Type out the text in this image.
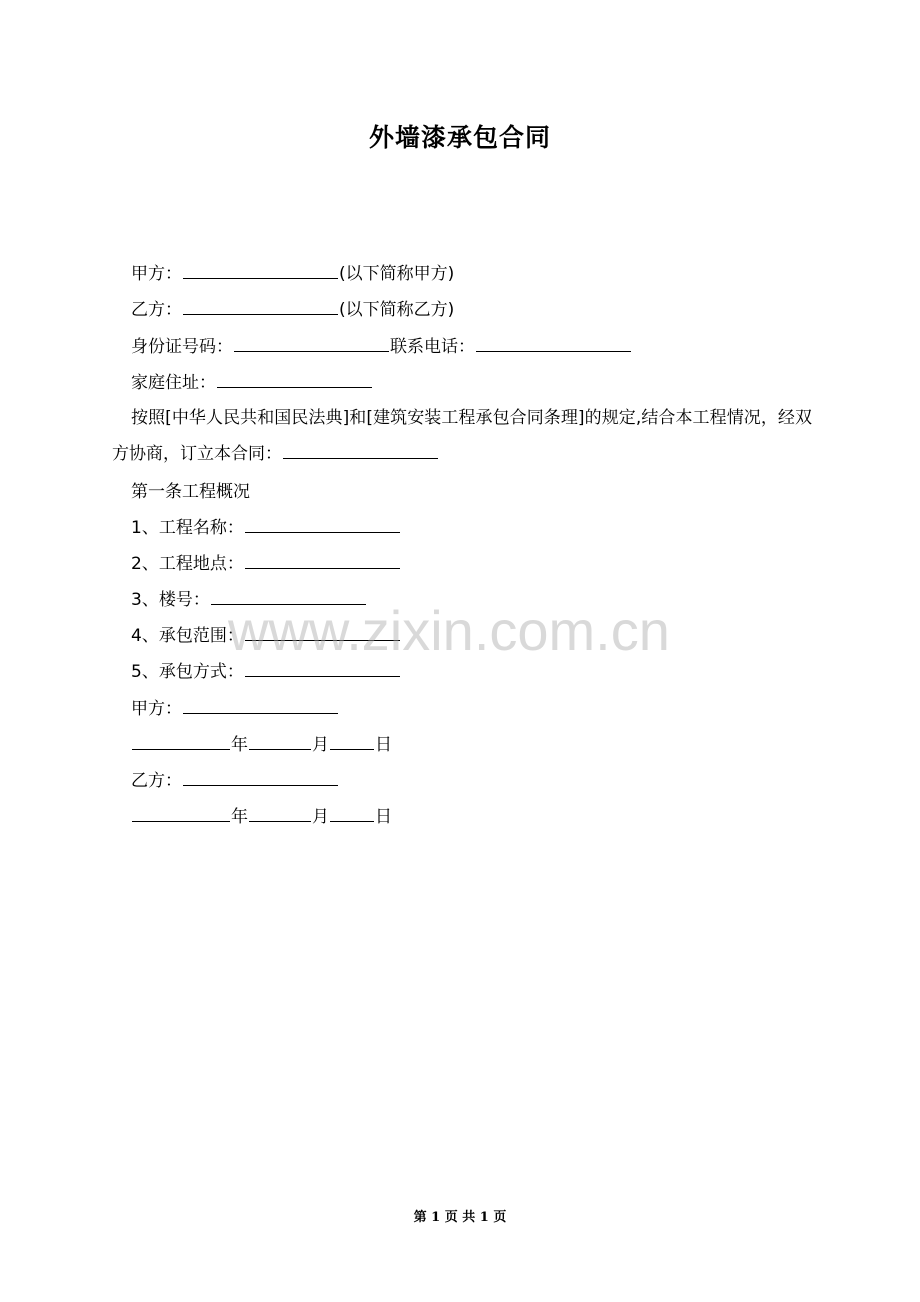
外墙漆承包合同
甲方：	(以下简称甲方)
乙方：	(以下简称乙方)
身份证号码：	联系电话：
家庭住址：
按照[中华人民共和国民法典]和[建筑安装工程承包合同条理]的规定,结合本工程情况，经双方协商，订立本合同：
第一条工程概况
1、工程名称：
2、工程地点：
3、楼号：
4、承包范围：
5、承包方式：
甲方：
年	月	日
乙方：
年	月	日
www.zixin.com.cn
第 1 页 共 1 页
